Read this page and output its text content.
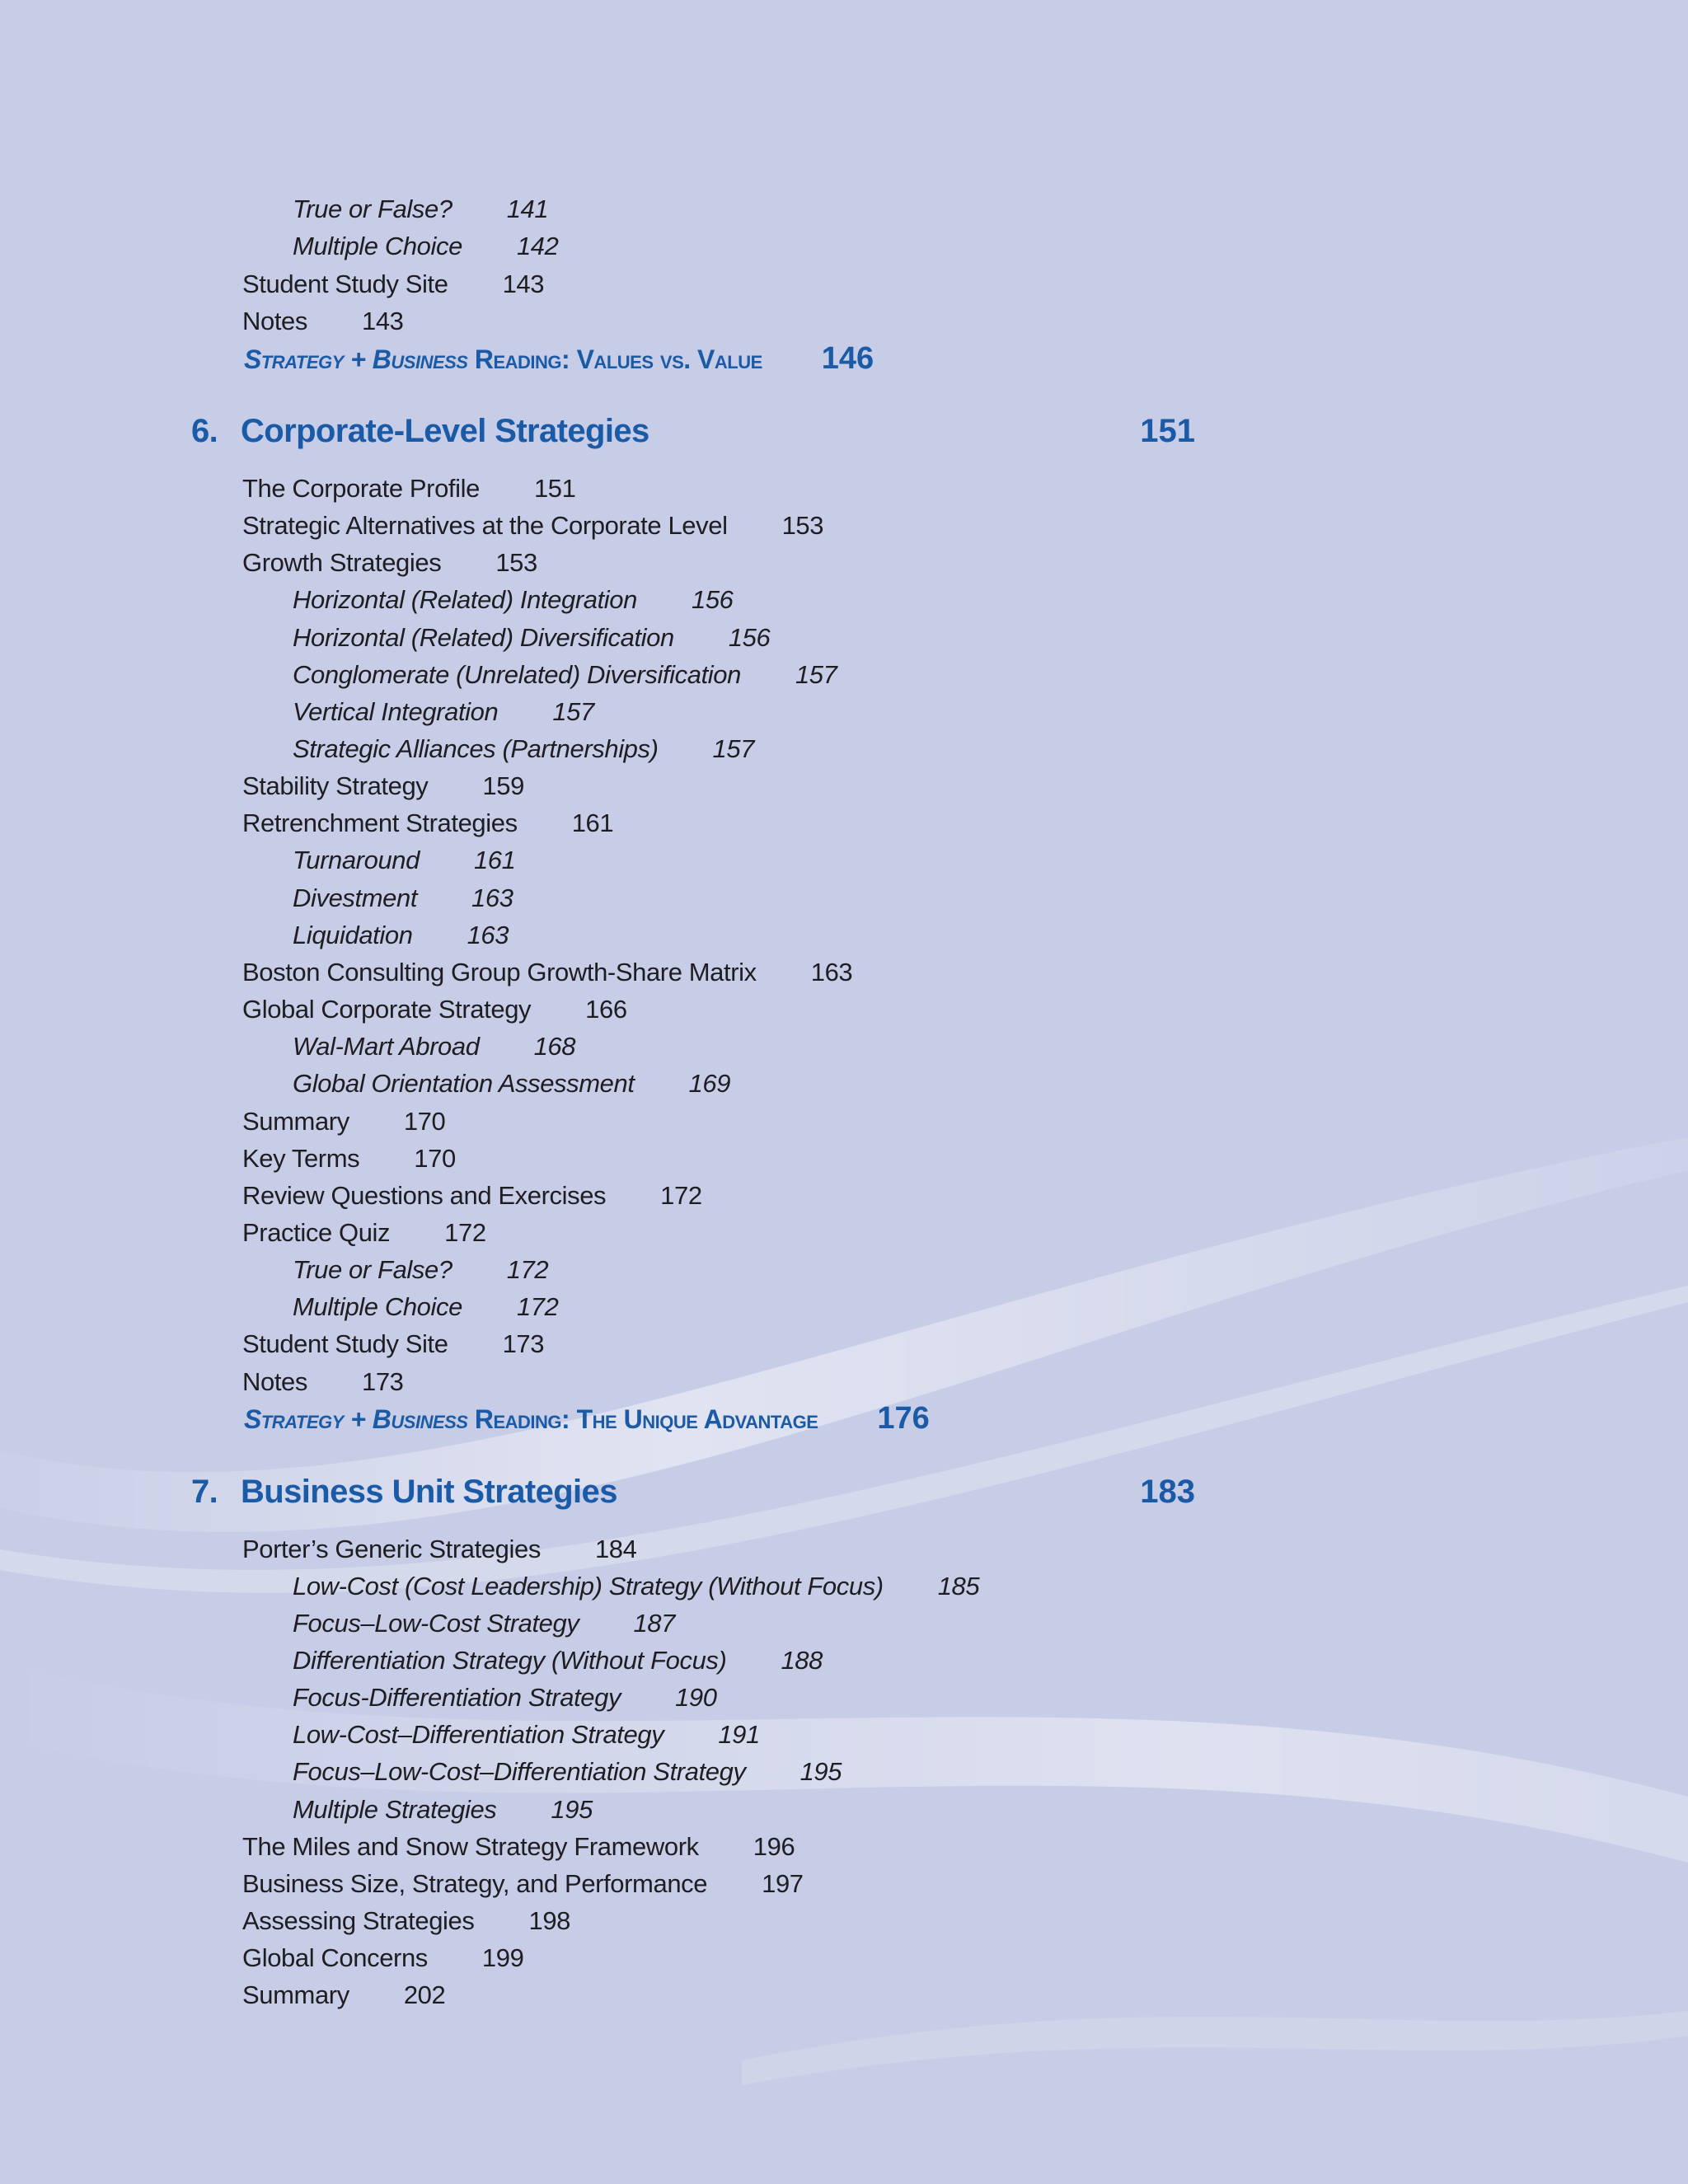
True or False? 141
Multiple Choice 142
Student Study Site 143
Notes 143
Strategy + Business Reading: Values vs. Value 146
6. Corporate-Level Strategies	151
The Corporate Profile 151
Strategic Alternatives at the Corporate Level 153
Growth Strategies 153
Horizontal (Related) Integration 156
Horizontal (Related) Diversification 156
Conglomerate (Unrelated) Diversification 157
Vertical Integration 157
Strategic Alliances (Partnerships) 157
Stability Strategy 159
Retrenchment Strategies 161
Turnaround 161
Divestment 163
Liquidation 163
Boston Consulting Group Growth-Share Matrix 163
Global Corporate Strategy 166
Wal-Mart Abroad 168
Global Orientation Assessment 169
Summary 170
Key Terms 170
Review Questions and Exercises 172
Practice Quiz 172
True or False? 172
Multiple Choice 172
Student Study Site 173
Notes 173
Strategy + Business Reading: The Unique Advantage 176
7. Business Unit Strategies	183
Porter’s Generic Strategies 184
Low-Cost (Cost Leadership) Strategy (Without Focus) 185
Focus–Low-Cost Strategy 187
Differentiation Strategy (Without Focus) 188
Focus-Differentiation Strategy 190
Low-Cost–Differentiation Strategy 191
Focus–Low-Cost–Differentiation Strategy 195
Multiple Strategies 195
The Miles and Snow Strategy Framework 196
Business Size, Strategy, and Performance 197
Assessing Strategies 198
Global Concerns 199
Summary 202
